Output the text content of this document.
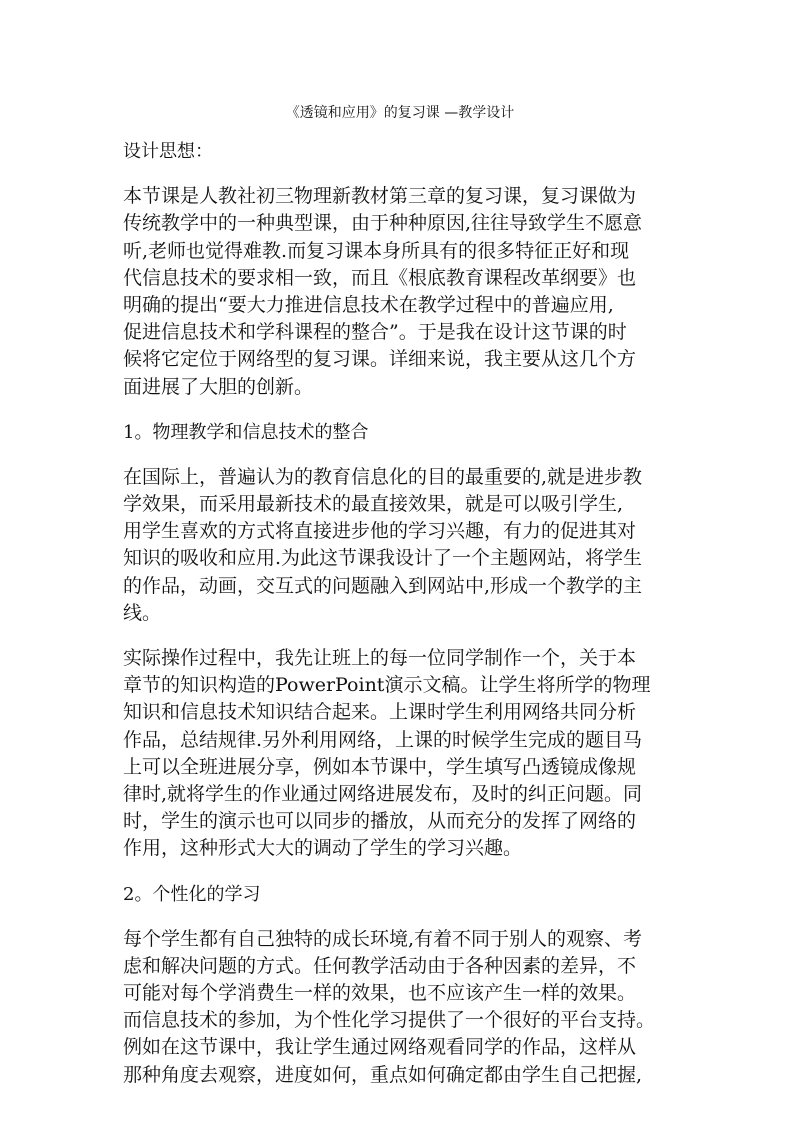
《透镜和应用》的复习课 —教学设计
设计思想：
本节课是人教社初三物理新教材第三章的复习课，复习课做为
传统教学中的一种典型课，由于种种原因,往往导致学生不愿意
听,老师也觉得难教.而复习课本身所具有的很多特征正好和现
代信息技术的要求相一致，而且《根底教育课程改革纲要》也
明确的提出“要大力推进信息技术在教学过程中的普遍应用,
促进信息技术和学科课程的整合”。于是我在设计这节课的时
候将它定位于网络型的复习课。详细来说，我主要从这几个方
面进展了大胆的创新。
1。物理教学和信息技术的整合
在国际上，普遍认为的教育信息化的目的最重要的,就是进步教
学效果，而采用最新技术的最直接效果，就是可以吸引学生,
用学生喜欢的方式将直接进步他的学习兴趣，有力的促进其对
知识的吸收和应用.为此这节课我设计了一个主题网站，将学生
的作品，动画，交互式的问题融入到网站中,形成一个教学的主
线。
实际操作过程中，我先让班上的每一位同学制作一个，关于本
章节的知识构造的PowerPoint演示文稿。让学生将所学的物理
知识和信息技术知识结合起来。上课时学生利用网络共同分析
作品，总结规律.另外利用网络，上课的时候学生完成的题目马
上可以全班进展分享，例如本节课中，学生填写凸透镜成像规
律时,就将学生的作业通过网络进展发布，及时的纠正问题。同
时，学生的演示也可以同步的播放，从而充分的发挥了网络的
作用，这种形式大大的调动了学生的学习兴趣。
2。个性化的学习
每个学生都有自己独特的成长环境,有着不同于别人的观察、考
虑和解决问题的方式。任何教学活动由于各种因素的差异，不
可能对每个学消费生一样的效果，也不应该产生一样的效果。
而信息技术的参加，为个性化学习提供了一个很好的平台支持。
例如在这节课中，我让学生通过网络观看同学的作品，这样从
那种角度去观察，进度如何，重点如何确定都由学生自己把握,
